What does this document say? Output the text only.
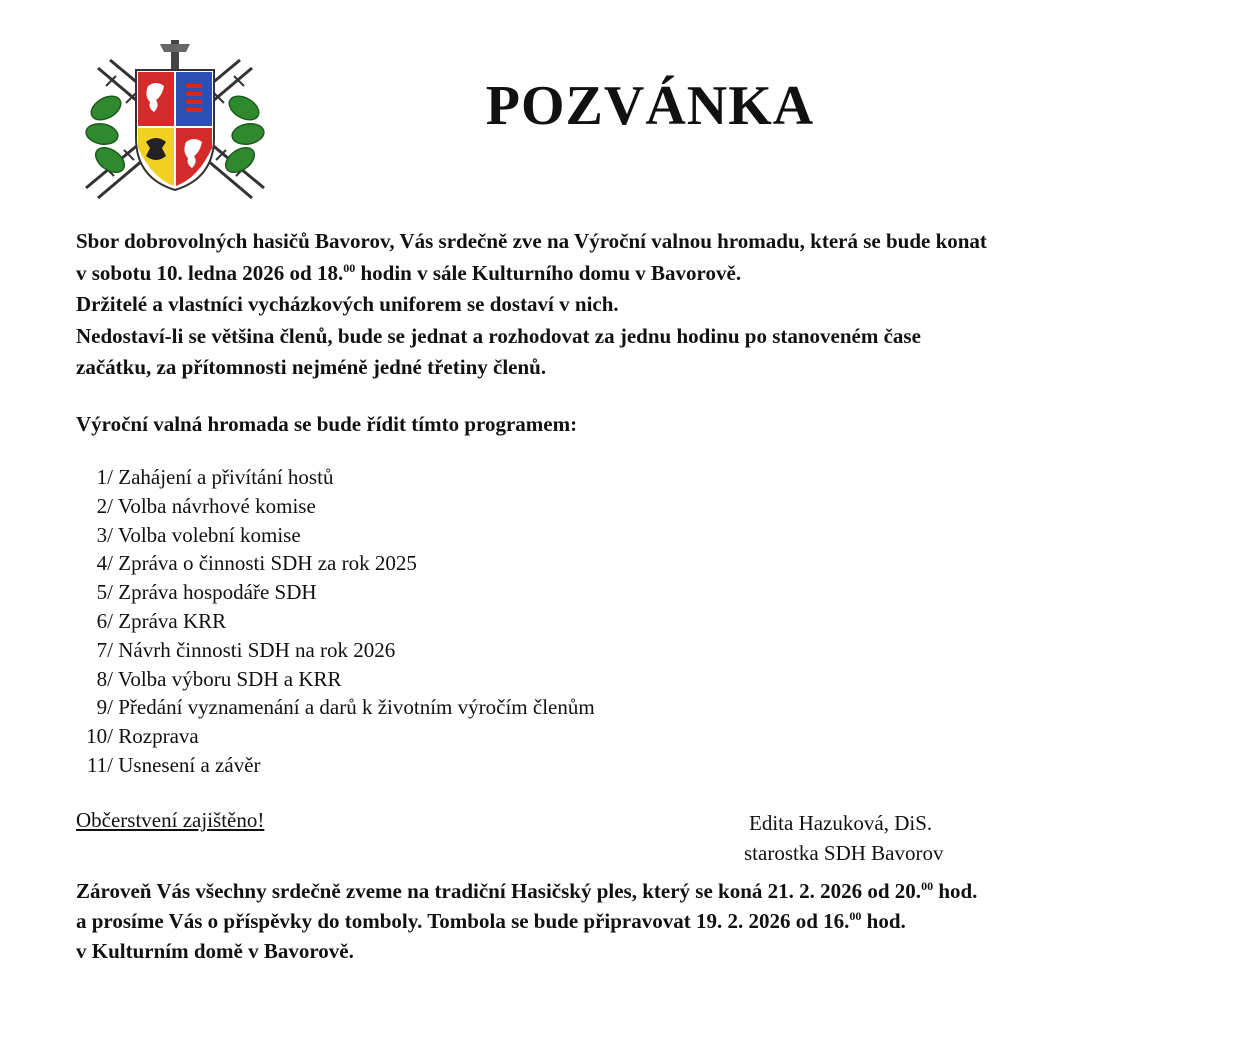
POZVÁNKA

Sbor dobrovolných hasičů Bavorov, Vás srdečně zve na Výroční valnou hromadu, která se bude konat

v sobotu 10. ledna 2026 od 18.00 hodin v sále Kulturního domu v Bavorově.

Držitelé a vlastníci vycházkových uniforem se dostaví v nich.

Nedostaví-li se většina členů, bude se jednat a rozhodovat za jednu hodinu po stanoveném čase

začátku, za přítomnosti nejméně jedné třetiny členů.

Výroční valná hromada se bude řídit tímto programem:

1/ Zahájení a přivítání hostů
2/ Volba návrhové komise
3/ Volba volební komise
4/ Zpráva o činnosti SDH za rok 2025
5/ Zpráva hospodáře SDH
6/ Zpráva KRR
7/ Návrh činnosti SDH na rok 2026
8/ Volba výboru SDH a KRR
9/ Předání vyznamenání a darů k životním výročím členům
10/ Rozprava
11/ Usnesení a závěr

Občerstvení zajištěno!	Edita Hazuková, DiS.
starostka SDH Bavorov

Zároveň Vás všechny srdečně zveme na tradiční Hasičský ples, který se koná 21. 2. 2026 od 20.00 hod.

a prosíme Vás o příspěvky do tomboly. Tombola se bude připravovat 19. 2. 2026 od 16.00 hod.

v Kulturním domě v Bavorově.
